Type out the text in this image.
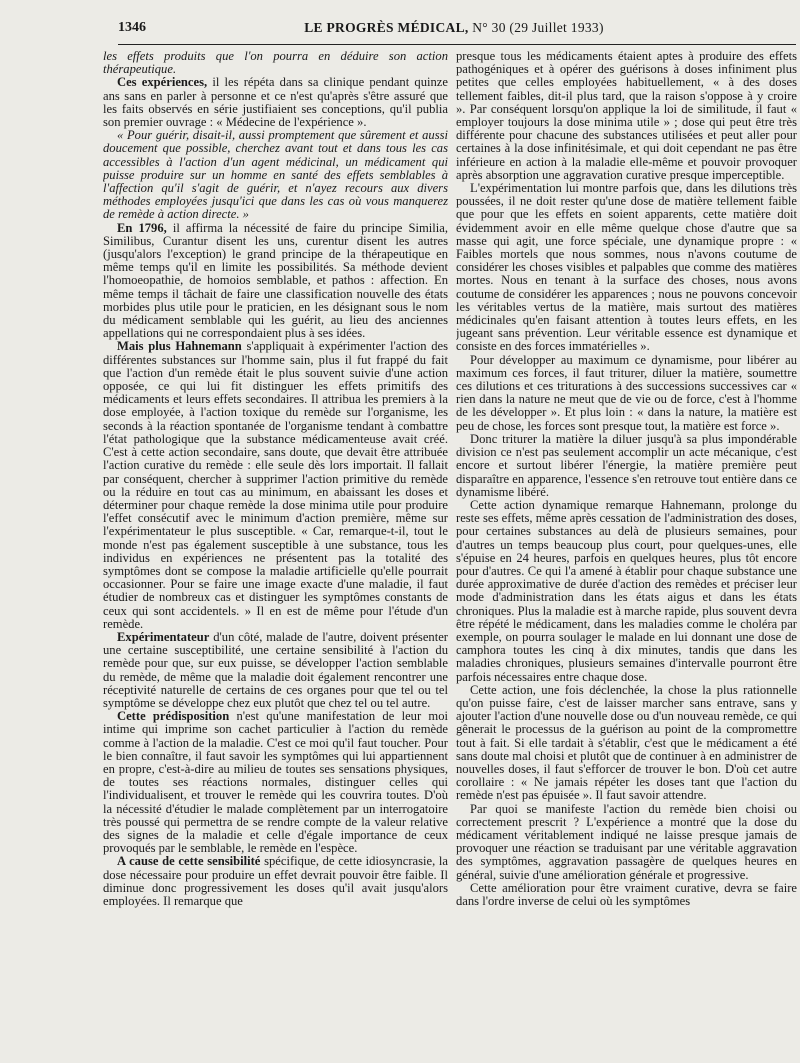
1346	LE PROGRÈS MÉDICAL, N° 30 (29 Juillet 1933)

les effets produits que l'on pourra en déduire son action thérapeutique.

Ces expériences, il les répéta dans sa clinique pendant quinze ans sans en parler à personne et ce n'est qu'après s'être assuré que les faits observés en série justifiaient ses conceptions, qu'il publia son premier ouvrage : « Médecine de l'expérience ».

« Pour guérir, disait-il, aussi promptement que sûrement et aussi doucement que possible, cherchez avant tout et dans tous les cas accessibles à l'action d'un agent médicinal, un médicament qui puisse produire sur un homme en santé des effets semblables à l'affection qu'il s'agit de guérir, et n'ayez recours aux divers méthodes employées jusqu'ici que dans les cas où vous manquerez de remède à action directe. »

En 1796, il affirma la nécessité de faire du principe Similia, Similibus, Curantur disent les uns, curentur disent les autres (jusqu'alors l'exception) le grand principe de la thérapeutique en même temps qu'il en limite les possibilités. Sa méthode devient l'homoeopathie, de homoios semblable, et pathos : affection. En même temps il tâchait de faire une classification nouvelle des états morbides plus utile pour le praticien, en les désignant sous le nom du médicament semblable qui les guérit, au lieu des anciennes appellations qui ne correspondaient plus à ses idées.

Mais plus Hahnemann s'appliquait à expérimenter l'action des différentes substances sur l'homme sain, plus il fut frappé du fait que l'action d'un remède était le plus souvent suivie d'une action opposée, ce qui lui fit distinguer les effets primitifs des médicaments et leurs effets secondaires. Il attribua les premiers à la dose employée, à l'action toxique du remède sur l'organisme, les seconds à la réaction spontanée de l'organisme tendant à combattre l'état pathologique que la substance médicamenteuse avait créé. C'est à cette action secondaire, sans doute, que devait être attribuée l'action curative du remède : elle seule dès lors importait. Il fallait par conséquent, chercher à supprimer l'action primitive du remède ou la réduire en tout cas au minimum, en abaissant les doses et déterminer pour chaque remède la dose minima utile pour produire l'effet consécutif avec le minimum d'action première, même sur l'expérimentateur le plus susceptible. « Car, remarque-t-il, tout le monde n'est pas également susceptible à une substance, tous les individus en expériences ne présentent pas la totalité des symptômes dont se compose la maladie artificielle qu'elle pourrait occasionner. Pour se faire une image exacte d'une maladie, il faut étudier de nombreux cas et distinguer les symptômes constants de ceux qui sont accidentels. » Il en est de même pour l'étude d'un remède.

Expérimentateur d'un côté, malade de l'autre, doivent présenter une certaine susceptibilité, une certaine sensibilité à l'action du remède pour que, sur eux puisse, se développer l'action semblable du remède, de même que la maladie doit également rencontrer une réceptivité naturelle de certains de ces organes pour que tel ou tel symptôme se développe chez eux plutôt que chez tel ou tel autre.

Cette prédisposition n'est qu'une manifestation de leur moi intime qui imprime son cachet particulier à l'action du remède comme à l'action de la maladie. C'est ce moi qu'il faut toucher. Pour le bien connaître, il faut savoir les symptômes qui lui appartiennent en propre, c'est-à-dire au milieu de toutes ses sensations physiques, de toutes ses réactions normales, distinguer celles qui l'individualisent, et trouver le remède qui les couvrira toutes. D'où la nécessité d'étudier le malade complètement par un interrogatoire très poussé qui permettra de se rendre compte de la valeur relative des signes de la maladie et celle d'égale importance de ceux provoqués par le semblable, le remède en l'espèce.

A cause de cette sensibilité spécifique, de cette idiosyncrasie, la dose nécessaire pour produire un effet devrait pouvoir être faible. Il diminue donc progressivement les doses qu'il avait jusqu'alors employées. Il remarque que

presque tous les médicaments étaient aptes à produire des effets pathogéniques et à opérer des guérisons à doses infiniment plus petites que celles employées habituellement, « à des doses tellement faibles, dit-il plus tard, que la raison s'oppose à y croire ». Par conséquent lorsqu'on applique la loi de similitude, il faut « employer toujours la dose minima utile » ; dose qui peut être très différente pour chacune des substances utilisées et peut aller pour certaines à la dose infinitésimale, et qui doit cependant ne pas être inférieure en action à la maladie elle-même et pouvoir provoquer après absorption une aggravation curative presque imperceptible.

L'expérimentation lui montre parfois que, dans les dilutions très poussées, il ne doit rester qu'une dose de matière tellement faible que pour que les effets en soient apparents, cette matière doit évidemment avoir en elle même quelque chose d'autre que sa masse qui agit, une force spéciale, une dynamique propre : « Faibles mortels que nous sommes, nous n'avons coutume de considérer les choses visibles et palpables que comme des matières mortes. Nous en tenant à la surface des choses, nous avons coutume de considérer les apparences ; nous ne pouvons concevoir les véritables vertus de la matière, mais surtout des matières médicinales qu'en faisant attention à toutes leurs effets, en les jugeant sans prévention. Leur véritable essence est dynamique et consiste en des forces immatérielles ».

Pour développer au maximum ce dynamisme, pour libérer au maximum ces forces, il faut triturer, diluer la matière, soumettre ces dilutions et ces triturations à des successions successives car « rien dans la nature ne meut que de vie ou de force, c'est à l'homme de les développer ». Et plus loin : « dans la nature, la matière est peu de chose, les forces sont presque tout, la matière est force ».

Donc triturer la matière la diluer jusqu'à sa plus impondérable division ce n'est pas seulement accomplir un acte mécanique, c'est encore et surtout libérer l'énergie, la matière première peut disparaître en apparence, l'essence s'en retrouve tout entière dans ce dynamisme libéré.

Cette action dynamique remarque Hahnemann, prolonge du reste ses effets, même après cessation de l'administration des doses, pour certaines substances au delà de plusieurs semaines, pour d'autres un temps beaucoup plus court, pour quelques-unes, elle s'épuise en 24 heures, parfois en quelques heures, plus tôt encore pour d'autres. Ce qui l'a amené à établir pour chaque substance une durée approximative de durée d'action des remèdes et préciser leur mode d'administration dans les états aigus et dans les états chroniques. Plus la maladie est à marche rapide, plus souvent devra être répété le médicament, dans les maladies comme le choléra par exemple, on pourra soulager le malade en lui donnant une dose de camphora toutes les cinq à dix minutes, tandis que dans les maladies chroniques, plusieurs semaines d'intervalle pourront être parfois nécessaires entre chaque dose.

Cette action, une fois déclenchée, la chose la plus rationnelle qu'on puisse faire, c'est de laisser marcher sans entrave, sans y ajouter l'action d'une nouvelle dose ou d'un nouveau remède, ce qui gênerait le processus de la guérison au point de la compromettre tout à fait. Si elle tardait à s'établir, c'est que le médicament a été sans doute mal choisi et plutôt que de continuer à en administrer de nouvelles doses, il faut s'efforcer de trouver le bon. D'où cet autre corollaire : « Ne jamais répéter les doses tant que l'action du remède n'est pas épuisée ». Il faut savoir attendre.

Par quoi se manifeste l'action du remède bien choisi ou correctement prescrit ? L'expérience a montré que la dose du médicament véritablement indiqué ne laisse presque jamais de provoquer une réaction se traduisant par une véritable aggravation des symptômes, aggravation passagère de quelques heures en général, suivie d'une amélioration générale et progressive.

Cette amélioration pour être vraiment curative, devra se faire dans l'ordre inverse de celui où les symptômes
